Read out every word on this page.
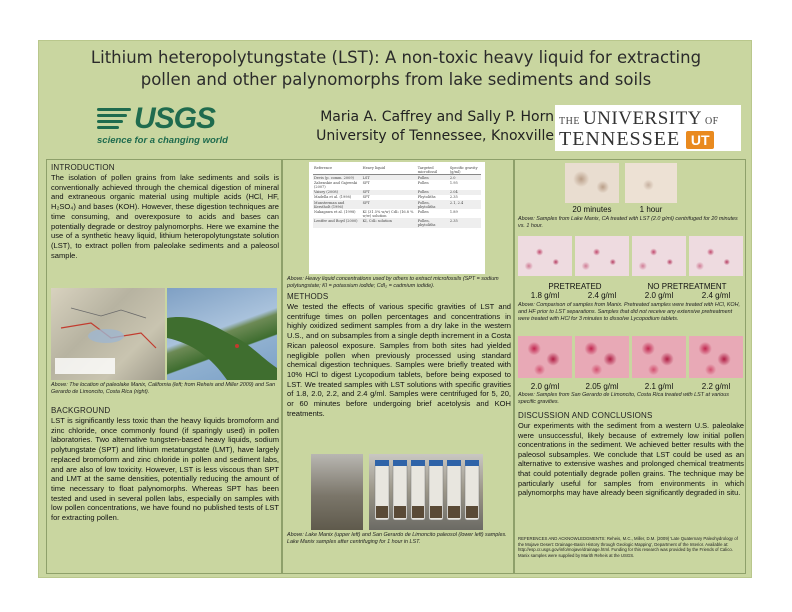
Lithium heteropolytungstate (LST): A non-toxic heavy liquid for extracting
pollen and other palynomorphs from lake sediments and soils
USGS
science for a changing world
Maria A. Caffrey and Sally P. Horn
University of Tennessee, Knoxville
THE UNIVERSITY OF
TENNESSEE UT
INTRODUCTION
The isolation of pollen grains from lake sediments and soils is conventionally achieved through the chemical digestion of mineral and extraneous organic material using multiple acids (HCl, HF, H₂SO₄) and bases (KOH). However, these digestion techniques are time consuming, and overexposure to acids and bases can potentially degrade or destroy palynomorphs. Here we examine the use of a synthetic heavy liquid, lithium heteropolytungstate solution (LST), to extract pollen from paleolake sediments and a paleosol sample.
Above: The location of paleolake Manix, California (left; from Reheis and Miller 2009) and San Gerardo de Limoncito, Costa Rica (right).
BACKGROUND
LST is significantly less toxic than the heavy liquids bromoform and zinc chloride, once commonly found (if sparingly used) in pollen laboratories. Two alternative tungsten-based heavy liquids, sodium polytungstate (SPT) and lithium metatungstate (LMT), have largely replaced bromoform and zinc chloride in pollen and sediment labs, and are also of low toxicity. However, LST is less viscous than SPT and LMT at the same densities, potentially reducing the amount of time necessary to float palynomorphs. Whereas SPT has been tested and used in several pollen labs, especially on samples with low pollen concentrations, we have found no published tests of LST for extracting pollen.
Reference	Heavy liquid	Targeted microfossil	Specific gravity (g/ml)
Devis (p. comm. 2009)	LST	Pollen	2.0
Zabenskie and Gajewski (2007)	SPT	Pollen	1.95
Vaisey (2008)	SPT	Pollen	2.04
Madella et al. (1998)	SPT	Phytoliths	2.35
Munsterman and Kerstholt (1996)	SPT	Pollen, phytoliths	2.1, 2.4
Nakagawa et al. (1998)	KI (31.5% w/w) CdI₂ (16.8 % w/w) solution	Pollen	1.89
Lentfer and Boyd (2000)	KI, CdI₂ solution	Pollen, phytoliths	2.35
Above: Heavy liquid concentrations used by others to extract microfossils (SPT = sodium polytungstate; KI = potassium iodide; CdI₂ = cadmium iodide).
METHODS
We tested the effects of various specific gravities of LST and centrifuge times on pollen percentages and concentrations in highly oxidized sediment samples from a dry lake in the western U.S., and on subsamples from a single depth increment in a Costa Rican paleosol exposure. Samples from both sites had yielded negligible pollen when previously processed using standard chemical digestion techniques. Samples were briefly treated with 10% HCl to digest Lycopodium tablets, before being exposed to LST. We treated samples with LST solutions with specific gravities of 1.8, 2.0, 2.2, and 2.4 g/ml. Samples were centrifuged for 5, 20, or 60 minutes before undergoing brief acetolysis and KOH treatments.
Above: Lake Manix (upper left) and San Gerardo de Limoncito paleosol (lower left) samples. Lake Manix samples after centrifuging for 1 hour in LST.
20 minutes	1 hour
Above: Samples from Lake Manix, CA treated with LST (2.0 g/ml) centrifuged for 20 minutes vs. 1 hour.
PRETREATED	NO PRETREATMENT
1.8 g/ml	2.4 g/ml	2.0 g/ml	2.4 g/ml
Above: Comparison of samples from Manix. Pretreated samples were treated with HCl, KOH, and HF prior to LST separations. Samples that did not receive any extensive pretreatment were treated with HCl for 3 minutes to dissolve Lycopodium tablets.
2.0 g/ml	2.05 g/ml	2.1 g/ml	2.2 g/ml
Above: Samples from San Gerardo de Limoncito, Costa Rica treated with LST at various specific gravities.
DISCUSSION AND CONCLUSIONS
Our experiments with the sediment from a western U.S. paleolake were unsuccessful, likely because of extremely low initial pollen concentrations in the sediment. We achieved better results with the paleosol subsamples. We conclude that LST could be used as an alternative to extensive washes and prolonged chemical treatments that could potentially degrade pollen grains. The technique may be particularly useful for samples from environments in which palynomorphs may have already been significantly degraded in situ.
REFERENCES AND ACKNOWLEDGMENTS: Reheis, M.C., Miller, D.M. (2009) 'Late Quaternary Paleohydrology of the Mojave Desert: Drainage-Basin History through Geologic Mapping', Department of the Interior. Available at: http://esp.cr.usgs.gov/info/mojave/drainage.html. Funding for this research was provided by the Friends of Calico. Manix samples were supplied by Marith Reheis at the USGS.
